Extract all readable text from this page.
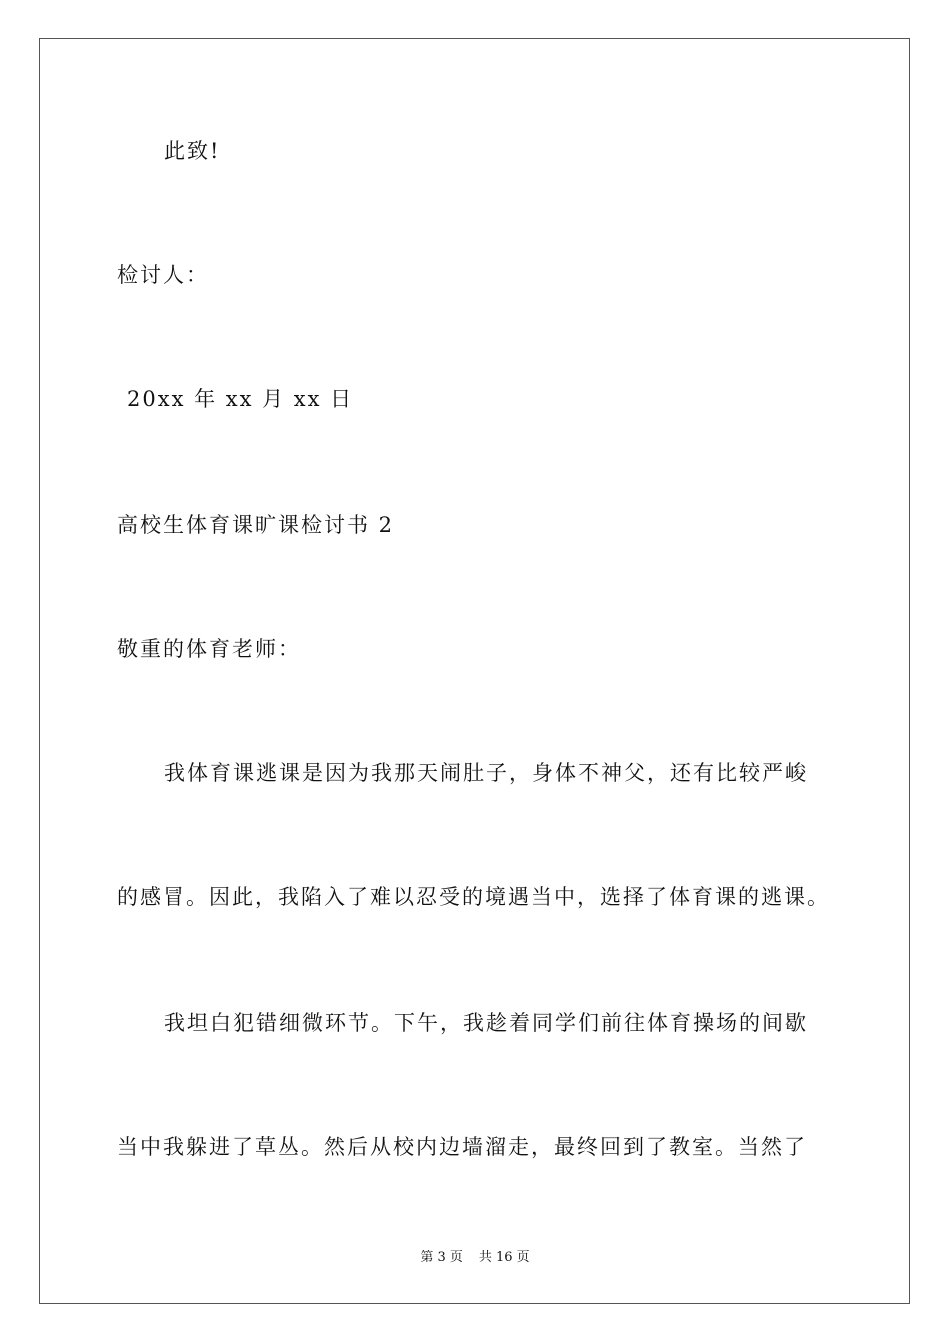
此致!
检讨人：
20xx 年 xx 月 xx 日
高校生体育课旷课检讨书 2
敬重的体育老师：
我体育课逃课是因为我那天闹肚子，身体不神父，还有比较严峻
的感冒。因此，我陷入了难以忍受的境遇当中，选择了体育课的逃课。
我坦白犯错细微环节。下午，我趁着同学们前往体育操场的间歇
当中我躲进了草丛。然后从校内边墙溜走，最终回到了教室。当然了
第 3 页 共 16 页
